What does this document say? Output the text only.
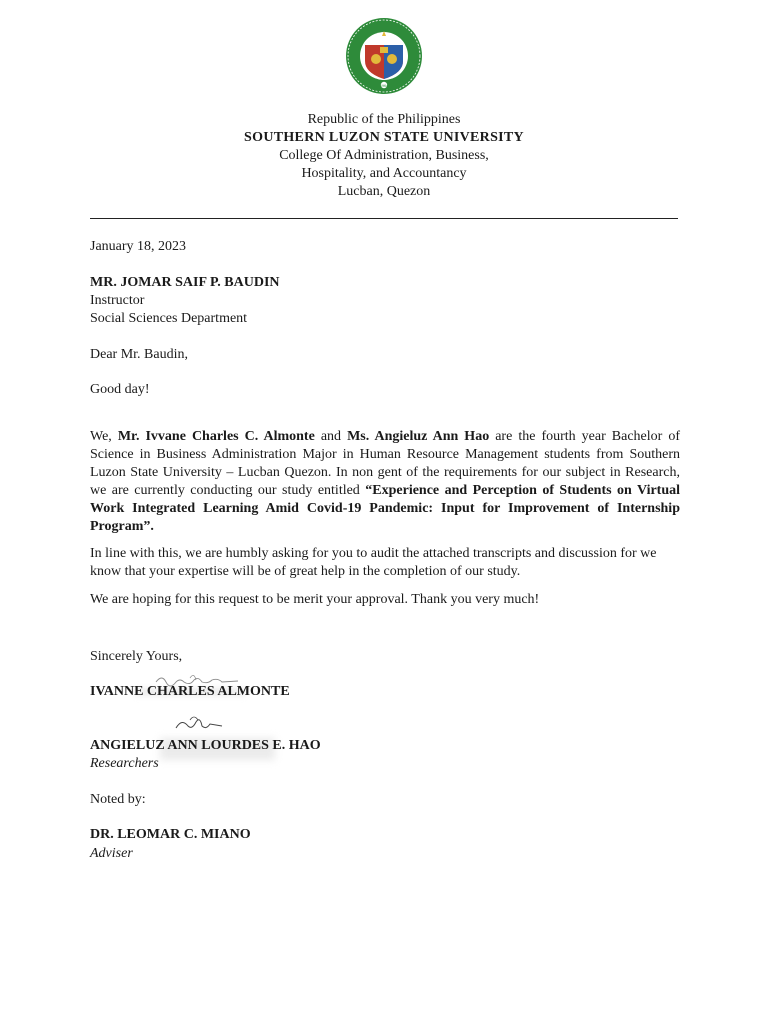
1964
Republic of the Philippines
SOUTHERN LUZON STATE UNIVERSITY
College Of Administration, Business,
Hospitality, and Accountancy
Lucban, Quezon
January 18, 2023
MR. JOMAR SAIF P. BAUDIN
Instructor
Social Sciences Department
Dear Mr. Baudin,
Good day!
We, Mr. Ivvane Charles C. Almonte and Ms. Angieluz Ann Hao are the fourth year Bachelor of Science in Business Administration Major in Human Resource Management students from Southern Luzon State University – Lucban Quezon. In non gent of the requirements for our subject in Research, we are currently conducting our study entitled “Experience and Perception of Students on Virtual Work Integrated Learning Amid Covid-19 Pandemic: Input for Improvement of Internship Program”.
In line with this, we are humbly asking for you to audit the attached transcripts and discussion for we know that your expertise will be of great help in the completion of our study.
We are hoping for this request to be merit your approval. Thank you very much!
Sincerely Yours,
IVANNE CHARLES ALMONTE
ANGIELUZ ANN LOURDES E. HAO
Researchers
Noted by:
DR. LEOMAR C. MIANO
Adviser
